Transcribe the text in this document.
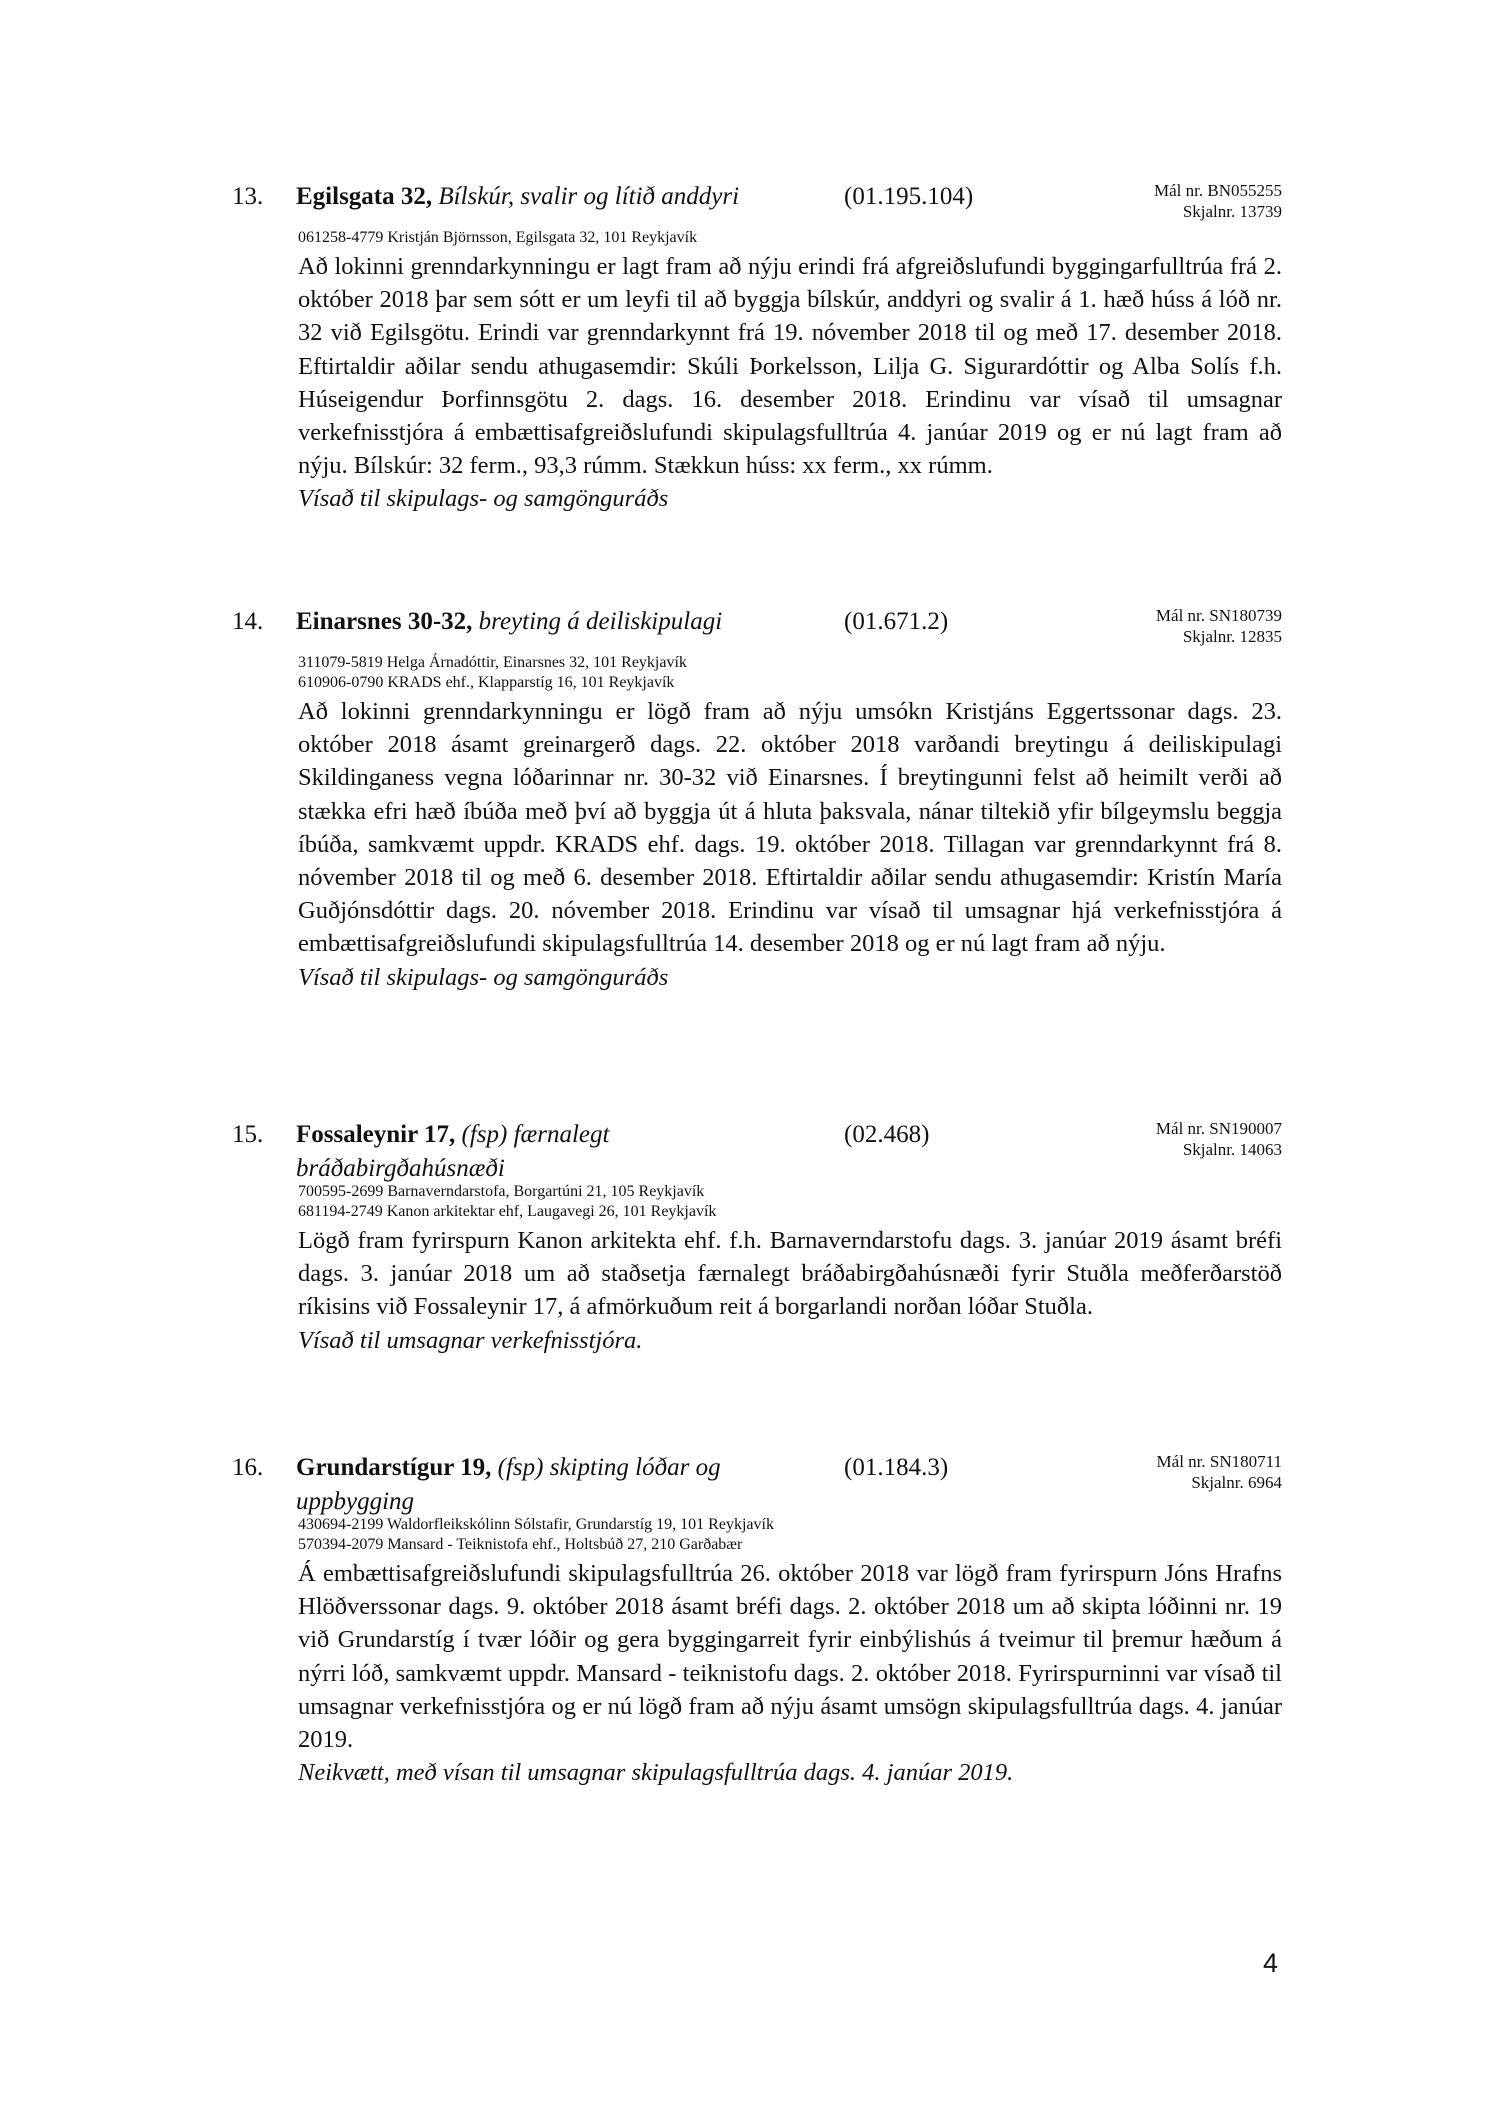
13. Egilsgata 32, Bílskúr, svalir og lítið anddyri	(01.195.104)	Mál nr. BN055255
Skjalnr. 13739
061258-4779 Kristján Björnsson, Egilsgata 32, 101 Reykjavík

Að lokinni grenndarkynningu er lagt fram að nýju erindi frá afgreiðslufundi byggingarfulltrúa frá 2. október 2018 þar sem sótt er um leyfi til að byggja bílskúr, anddyri og svalir á 1. hæð húss á lóð nr. 32 við Egilsgötu. Erindi var grenndarkynnt frá 19. nóvember 2018 til og með 17. desember 2018. Eftirtaldir aðilar sendu athugasemdir: Skúli Þorkelsson, Lilja G. Sigurardóttir og Alba Solís f.h. Húseigendur Þorfinnsgötu 2. dags. 16. desember 2018. Erindinu var vísað til umsagnar verkefnisstjóra á embættisafgreiðslufundi skipulagsfulltrúa 4. janúar 2019 og er nú lagt fram að nýju. Bílskúr: 32 ferm., 93,3 rúmm. Stækkun húss: xx ferm., xx rúmm.

Vísað til skipulags- og samgönguráðs

14. Einarsnes 30-32, breyting á deiliskipulagi	(01.671.2)	Mál nr. SN180739
Skjalnr. 12835
311079-5819 Helga Árnadóttir, Einarsnes 32, 101 Reykjavík
610906-0790 KRADS ehf., Klapparstíg 16, 101 Reykjavík

Að lokinni grenndarkynningu er lögð fram að nýju umsókn Kristjáns Eggertssonar dags. 23. október 2018 ásamt greinargerð dags. 22. október 2018 varðandi breytingu á deiliskipulagi Skildinganess vegna lóðarinnar nr. 30-32 við Einarsnes. Í breytingunni felst að heimilt verði að stækka efri hæð íbúða með því að byggja út á hluta þaksvala, nánar tiltekið yfir bílgeymslu beggja íbúða, samkvæmt uppdr. KRADS ehf. dags. 19. október 2018. Tillagan var grenndarkynnt frá 8. nóvember 2018 til og með 6. desember 2018. Eftirtaldir aðilar sendu athugasemdir: Kristín María Guðjónsdóttir dags. 20. nóvember 2018. Erindinu var vísað til umsagnar hjá verkefnisstjóra á embættisafgreiðslufundi skipulagsfulltrúa 14. desember 2018 og er nú lagt fram að nýju.

Vísað til skipulags- og samgönguráðs

15. Fossaleynir 17, (fsp) færnalegt bráðabirgðahúsnæði
(02.468)	Mál nr. SN190007
Skjalnr. 14063
700595-2699 Barnaverndarstofa, Borgartúni 21, 105 Reykjavík
681194-2749 Kanon arkitektar ehf, Laugavegi 26, 101 Reykjavík

Lögð fram fyrirspurn Kanon arkitekta ehf. f.h. Barnaverndarstofu dags. 3. janúar 2019 ásamt bréfi dags. 3. janúar 2018 um að staðsetja færnalegt bráðabirgðahúsnæði fyrir Stuðla meðferðarstöð ríkisins við Fossaleynir 17, á afmörkuðum reit á borgarlandi norðan lóðar Stuðla.

Vísað til umsagnar verkefnisstjóra.

16. Grundarstígur 19, (fsp) skipting lóðar og uppbygging
(01.184.3)	Mál nr. SN180711
Skjalnr. 6964
430694-2199 Waldorfleikskólinn Sólstafir, Grundarstíg 19, 101 Reykjavík
570394-2079 Mansard - Teiknistofa ehf., Holtsbúð 27, 210 Garðabær

Á embættisafgreiðslufundi skipulagsfulltrúa 26. október 2018 var lögð fram fyrirspurn Jóns Hrafns Hlöðverssonar dags. 9. október 2018 ásamt bréfi dags. 2. október 2018 um að skipta lóðinni nr. 19 við Grundarstíg í tvær lóðir og gera byggingarreit fyrir einbýlishús á tveimur til þremur hæðum á nýrri lóð, samkvæmt uppdr. Mansard - teiknistofu dags. 2. október 2018. Fyrirspurninni var vísað til umsagnar verkefnisstjóra og er nú lögð fram að nýju ásamt umsögn skipulagsfulltrúa dags. 4. janúar 2019.

Neikvætt, með vísan til umsagnar skipulagsfulltrúa dags. 4. janúar 2019.

4
